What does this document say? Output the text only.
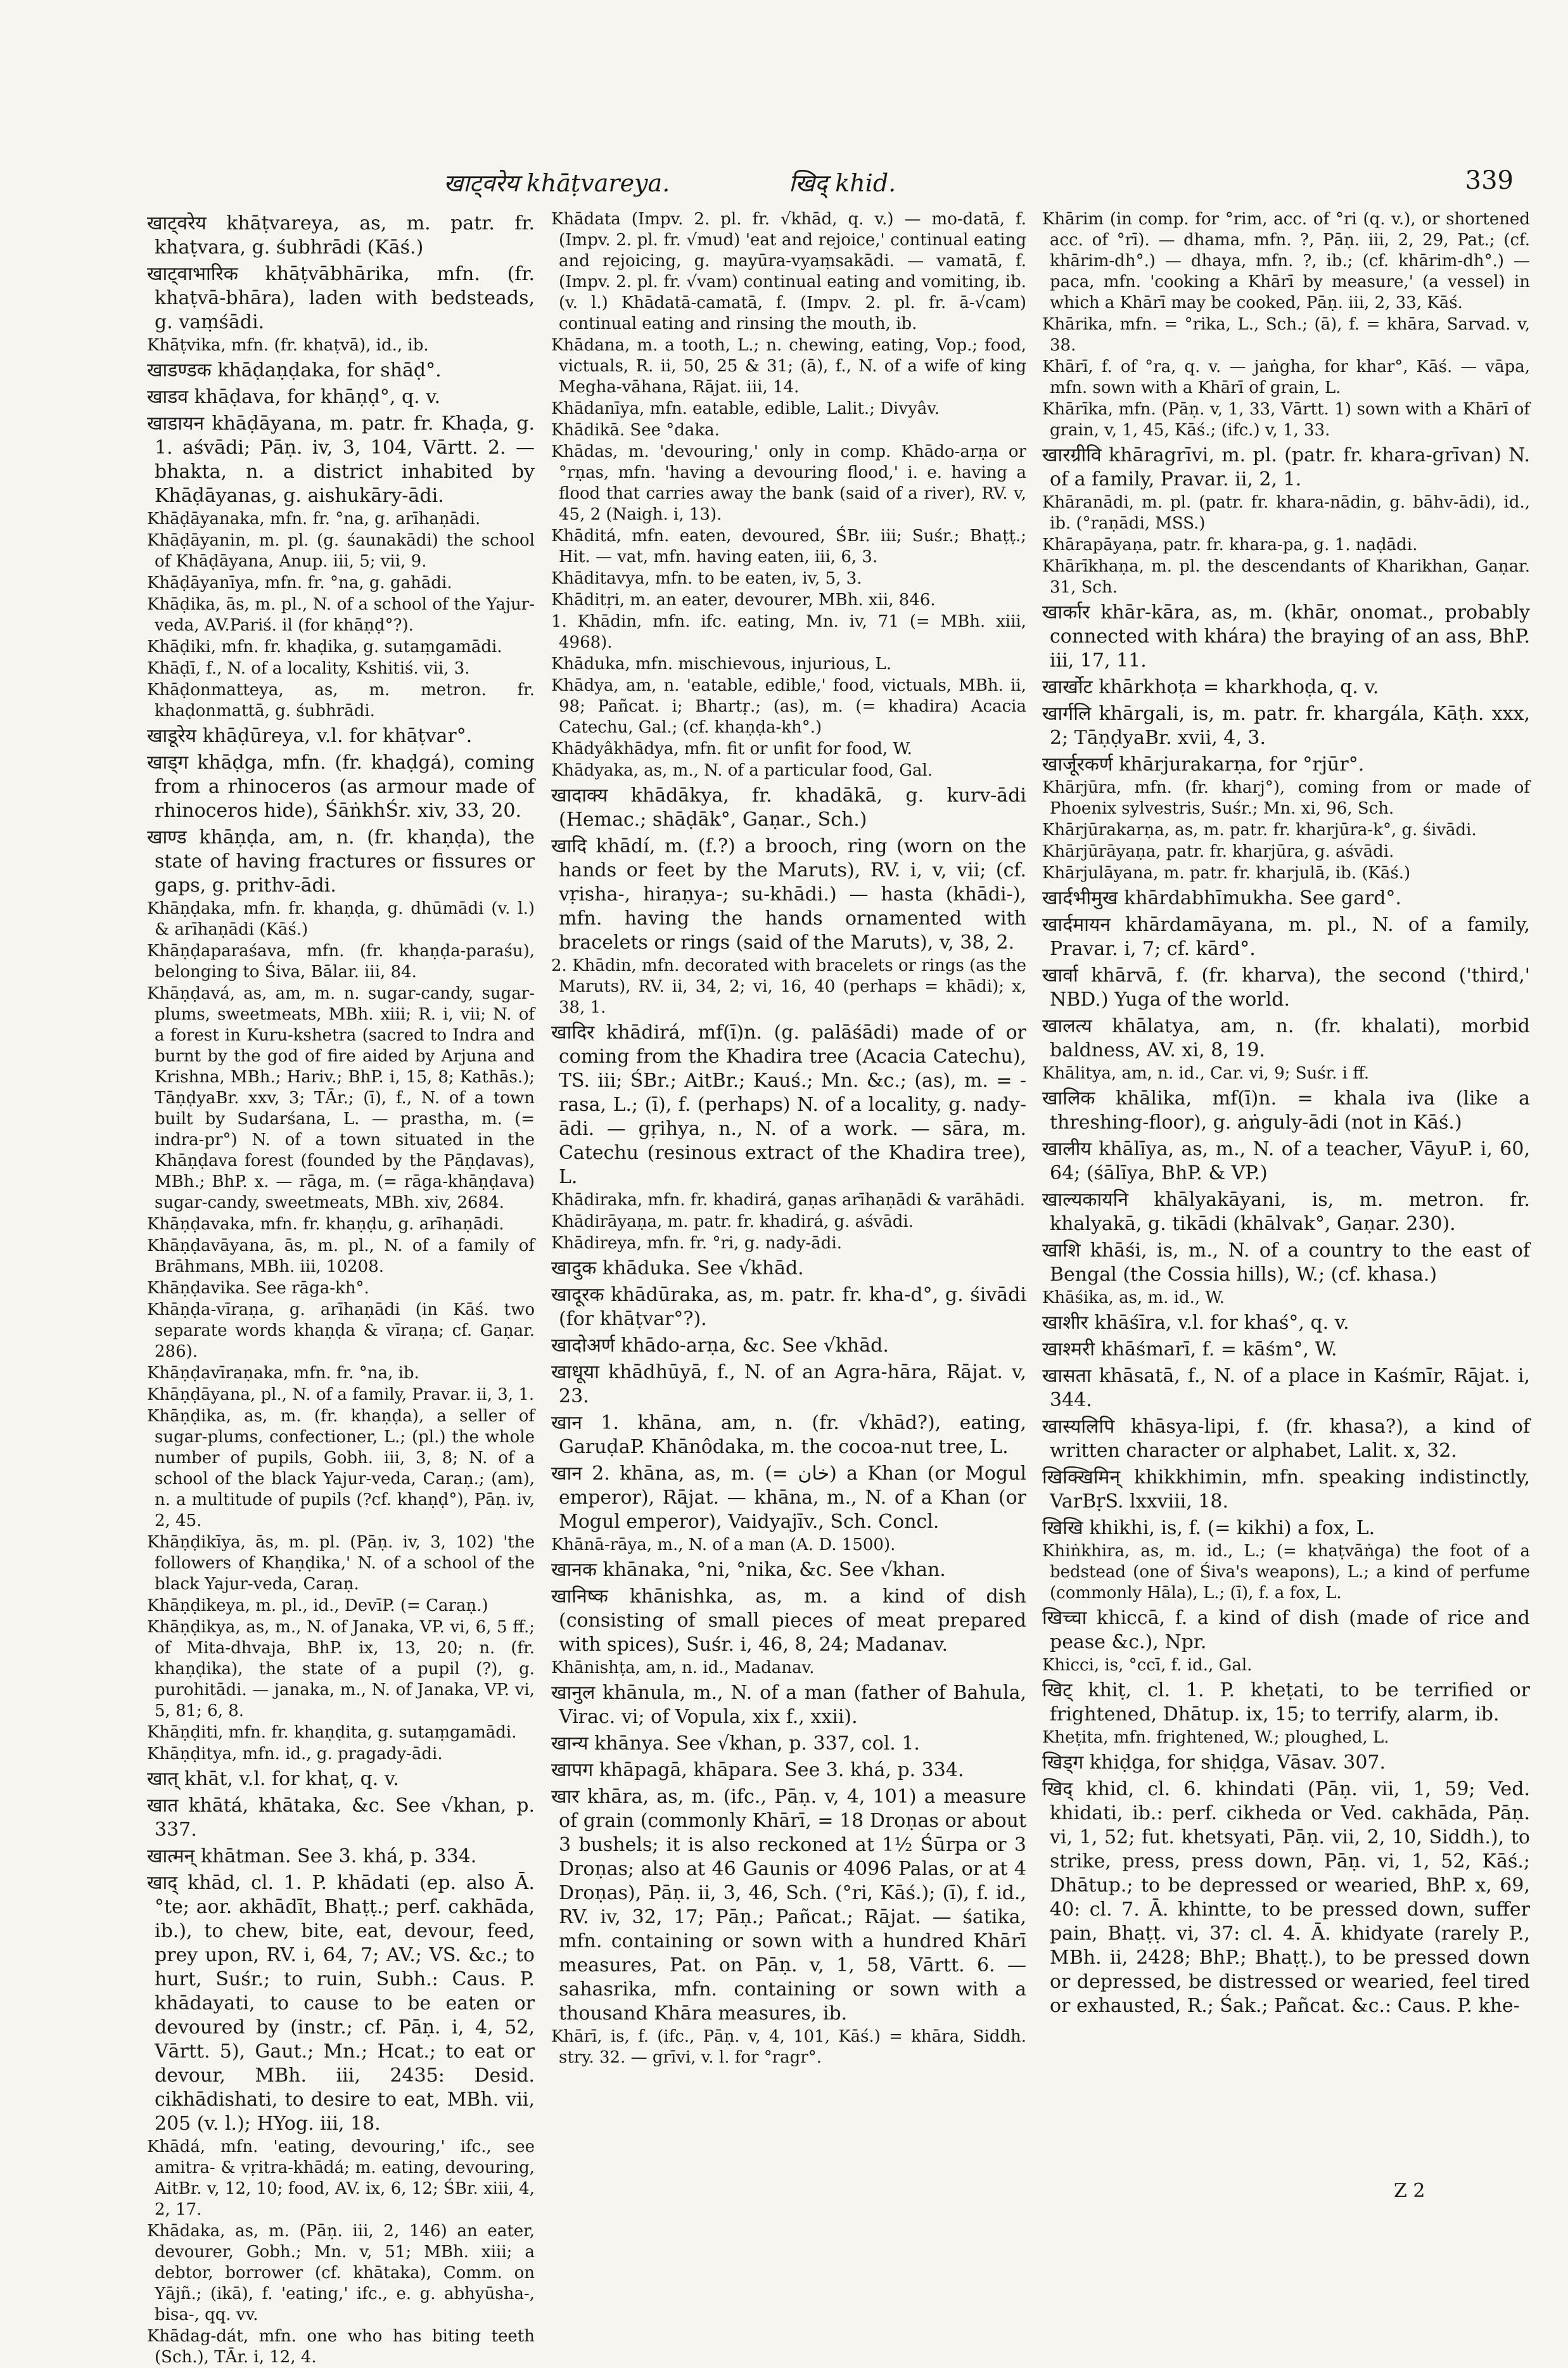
खाट्वरेय khāṭvareya.	खिद् khid.	339

खाट्वरेय khāṭvareya, as, m. patr. fr. khaṭvara, g. śubhrādi (Kāś.)

खाट्वाभारिक khāṭvābhārika, mfn. (fr. khaṭvā-bhāra), laden with bedsteads, g. vaṃśādi.

Khāṭvika, mfn. (fr. khaṭvā), id., ib.

खाडण्डक khāḍaṇḍaka, for shāḍ°.

खाडव khāḍava, for khāṇḍ°, q. v.

खाडायन khāḍāyana, m. patr. fr. Khaḍa, g. 1. aśvādi; Pāṇ. iv, 3, 104, Vārtt. 2. — bhakta, n. a district inhabited by Khāḍāyanas, g. aishukāry-ādi.

Khāḍāyanaka, mfn. fr. °na, g. arīhaṇādi.

Khāḍāyanin, m. pl. (g. śaunakādi) the school of Khāḍāyana, Anup. iii, 5; vii, 9.

Khāḍāyanīya, mfn. fr. °na, g. gahādi.

Khāḍika, ās, m. pl., N. of a school of the Yajur-veda, AV.Pariś. il (for khāṇḍ°?).

Khāḍiki, mfn. fr. khaḍika, g. sutaṃgamādi.

Khāḍī, f., N. of a locality, Kshitiś. vii, 3.

Khāḍonmatteya, as, m. metron. fr. khaḍonmattā, g. śubhrādi.

खाडूरेय khāḍūreya, v.l. for khāṭvar°.

खाड्ग khāḍga, mfn. (fr. khaḍgá), coming from a rhinoceros (as armour made of rhinoceros hide), ŚāṅkhŚr. xiv, 33, 20.

खाण्ड khāṇḍa, am, n. (fr. khaṇḍa), the state of having fractures or fissures or gaps, g. prithv-ādi.

Khāṇḍaka, mfn. fr. khaṇḍa, g. dhūmādi (v. l.) & arīhaṇādi (Kāś.)

Khāṇḍaparaśava, mfn. (fr. khaṇḍa-paraśu), belonging to Śiva, Bālar. iii, 84.

Khāṇḍavá, as, am, m. n. sugar-candy, sugar-plums, sweetmeats, MBh. xiii; R. i, vii; N. of a forest in Kuru-kshetra (sacred to Indra and burnt by the god of fire aided by Arjuna and Krishna, MBh.; Hariv.; BhP. i, 15, 8; Kathās.); TāṇḍyaBr. xxv, 3; TĀr.; (ī), f., N. of a town built by Sudarśana, L. — prastha, m. (= indra-pr°) N. of a town situated in the Khāṇḍava forest (founded by the Pāṇḍavas), MBh.; BhP. x. — rāga, m. (= rāga-khāṇḍava) sugar-candy, sweetmeats, MBh. xiv, 2684.

Khāṇḍavaka, mfn. fr. khaṇḍu, g. arīhaṇādi.

Khāṇḍavāyana, ās, m. pl., N. of a family of Brāhmans, MBh. iii, 10208.

Khāṇḍavika. See rāga-kh°.

Khāṇḍa-vīraṇa, g. arīhaṇādi (in Kāś. two separate words khaṇḍa & vīraṇa; cf. Gaṇar. 286).

Khāṇḍavīraṇaka, mfn. fr. °na, ib.

Khāṇḍāyana, pl., N. of a family, Pravar. ii, 3, 1.

Khāṇḍika, as, m. (fr. khaṇḍa), a seller of sugar-plums, confectioner, L.; (pl.) the whole number of pupils, Gobh. iii, 3, 8; N. of a school of the black Yajur-veda, Caraṇ.; (am), n. a multitude of pupils (?cf. khaṇḍ°), Pāṇ. iv, 2, 45.

Khāṇḍikīya, ās, m. pl. (Pāṇ. iv, 3, 102) 'the followers of Khaṇḍika,' N. of a school of the black Yajur-veda, Caraṇ.

Khāṇḍikeya, m. pl., id., DevīP. (= Caraṇ.)

Khāṇḍikya, as, m., N. of Janaka, VP. vi, 6, 5 ff.; of Mita-dhvaja, BhP. ix, 13, 20; n. (fr. khaṇḍika), the state of a pupil (?), g. purohitādi. — janaka, m., N. of Janaka, VP. vi, 5, 81; 6, 8.

Khāṇḍiti, mfn. fr. khaṇḍita, g. sutaṃgamādi.

Khāṇḍitya, mfn. id., g. pragady-ādi.

खात् khāt, v.l. for khaṭ, q. v.

खात khātá, khātaka, &c. See √khan, p. 337.

खात्मन् khātman. See 3. khá, p. 334.

खाद् khād, cl. 1. P. khādati (ep. also Ā. °te; aor. akhādīt, Bhaṭṭ.; perf. cakhāda, ib.), to chew, bite, eat, devour, feed, prey upon, RV. i, 64, 7; AV.; VS. &c.; to hurt, Suśr.; to ruin, Subh.: Caus. P. khādayati, to cause to be eaten or devoured by (instr.; cf. Pāṇ. i, 4, 52, Vārtt. 5), Gaut.; Mn.; Hcat.; to eat or devour, MBh. iii, 2435: Desid. cikhādishati, to desire to eat, MBh. vii, 205 (v. l.); HYog. iii, 18.

Khādá, mfn. 'eating, devouring,' ifc., see amitra- & vṛitra-khādá; m. eating, devouring, AitBr. v, 12, 10; food, AV. ix, 6, 12; ŚBr. xiii, 4, 2, 17.

Khādaka, as, m. (Pāṇ. iii, 2, 146) an eater, devourer, Gobh.; Mn. v, 51; MBh. xiii; a debtor, borrower (cf. khātaka), Comm. on Yājñ.; (ikā), f. 'eating,' ifc., e. g. abhyūsha-, bisa-, qq. vv.

Khādag-dát, mfn. one who has biting teeth (Sch.), TĀr. i, 12, 4.

Khādata (Impv. 2. pl. fr. √khād, q. v.) — mo-datā, f. (Impv. 2. pl. fr. √mud) 'eat and rejoice,' continual eating and rejoicing, g. mayūra-vyaṃsakādi. — vamatā, f. (Impv. 2. pl. fr. √vam) continual eating and vomiting, ib. (v. l.) Khādatā-camatā, f. (Impv. 2. pl. fr. ā-√cam) continual eating and rinsing the mouth, ib.

Khādana, m. a tooth, L.; n. chewing, eating, Vop.; food, victuals, R. ii, 50, 25 & 31; (ā), f., N. of a wife of king Megha-vāhana, Rājat. iii, 14.

Khādanīya, mfn. eatable, edible, Lalit.; Divyâv.

Khādikā. See °daka.

Khādas, m. 'devouring,' only in comp. Khādo-arṇa or °rṇas, mfn. 'having a devouring flood,' i. e. having a flood that carries away the bank (said of a river), RV. v, 45, 2 (Naigh. i, 13).

Khāditá, mfn. eaten, devoured, ŚBr. iii; Suśr.; Bhaṭṭ.; Hit. — vat, mfn. having eaten, iii, 6, 3.

Khāditavya, mfn. to be eaten, iv, 5, 3.

Khāditṛi, m. an eater, devourer, MBh. xii, 846.

1. Khādin, mfn. ifc. eating, Mn. iv, 71 (= MBh. xiii, 4968).

Khāduka, mfn. mischievous, injurious, L.

Khādya, am, n. 'eatable, edible,' food, victuals, MBh. ii, 98; Pañcat. i; Bhartṛ.; (as), m. (= khadira) Acacia Catechu, Gal.; (cf. khaṇḍa-kh°.)

Khādyâkhādya, mfn. fit or unfit for food, W.

Khādyaka, as, m., N. of a particular food, Gal.

खादाक्य khādākya, fr. khadākā, g. kurv-ādi (Hemac.; shāḍāk°, Gaṇar., Sch.)

खादि khādí, m. (f.?) a brooch, ring (worn on the hands or feet by the Maruts), RV. i, v, vii; (cf. vṛisha-, hiraṇya-; su-khādi.) — hasta (khādi-), mfn. having the hands ornamented with bracelets or rings (said of the Maruts), v, 38, 2.

2. Khādin, mfn. decorated with bracelets or rings (as the Maruts), RV. ii, 34, 2; vi, 16, 40 (perhaps = khādi); x, 38, 1.

खादिर khādirá, mf(ī)n. (g. palāśādi) made of or coming from the Khadira tree (Acacia Catechu), TS. iii; ŚBr.; AitBr.; Kauś.; Mn. &c.; (as), m. = -rasa, L.; (ī), f. (perhaps) N. of a locality, g. nady-ādi. — gṛihya, n., N. of a work. — sāra, m. Catechu (resinous extract of the Khadira tree), L.

Khādiraka, mfn. fr. khadirá, gaṇas arīhaṇādi & varāhādi.

Khādirāyaṇa, m. patr. fr. khadirá, g. aśvādi.

Khādireya, mfn. fr. °ri, g. nady-ādi.

खादुक khāduka. See √khād.

खादूरक khādūraka, as, m. patr. fr. kha-d°, g. śivādi (for khāṭvar°?).

खादोअर्ण khādo-arṇa, &c. See √khād.

खाधूया khādhūyā, f., N. of an Agra-hāra, Rājat. v, 23.

खान 1. khāna, am, n. (fr. √khād?), eating, GaruḍaP. Khānôdaka, m. the cocoa-nut tree, L.

खान 2. khāna, as, m. (= خان) a Khan (or Mogul emperor), Rājat. — khāna, m., N. of a Khan (or Mogul emperor), Vaidyajīv., Sch. Concl.

Khānā-rāya, m., N. of a man (A. D. 1500).

खानक khānaka, °ni, °nika, &c. See √khan.

खानिष्क khānishka, as, m. a kind of dish (consisting of small pieces of meat prepared with spices), Suśr. i, 46, 8, 24; Madanav.

Khānishṭa, am, n. id., Madanav.

खानुल khānula, m., N. of a man (father of Bahula, Virac. vi; of Vopula, xix f., xxii).

खान्य khānya. See √khan, p. 337, col. 1.

खापग khāpagā, khāpara. See 3. khá, p. 334.

खार khāra, as, m. (ifc., Pāṇ. v, 4, 101) a measure of grain (commonly Khārī, = 18 Droṇas or about 3 bushels; it is also reckoned at 1½ Śūrpa or 3 Droṇas; also at 46 Gaunis or 4096 Palas, or at 4 Droṇas), Pāṇ. ii, 3, 46, Sch. (°ri, Kāś.); (ī), f. id., RV. iv, 32, 17; Pāṇ.; Pañcat.; Rājat. — śatika, mfn. containing or sown with a hundred Khārī measures, Pat. on Pāṇ. v, 1, 58, Vārtt. 6. — sahasrika, mfn. containing or sown with a thousand Khāra measures, ib.

Khārī, is, f. (ifc., Pāṇ. v, 4, 101, Kāś.) = khāra, Siddh. stry. 32. — grīvi, v. l. for °ragr°.

Khārim (in comp. for °rim, acc. of °ri (q. v.), or shortened acc. of °rī). — dhama, mfn. ?, Pāṇ. iii, 2, 29, Pat.; (cf. khārim-dh°.) — dhaya, mfn. ?, ib.; (cf. khārim-dh°.) — paca, mfn. 'cooking a Khārī by measure,' (a vessel) in which a Khārī may be cooked, Pāṇ. iii, 2, 33, Kāś.

Khārika, mfn. = °rika, L., Sch.; (ā), f. = khāra, Sarvad. v, 38.

Khārī, f. of °ra, q. v. — jaṅgha, for khar°, Kāś. — vāpa, mfn. sown with a Khārī of grain, L.

Khārīka, mfn. (Pāṇ. v, 1, 33, Vārtt. 1) sown with a Khārī of grain, v, 1, 45, Kāś.; (ifc.) v, 1, 33.

खारग्रीवि khāragrīvi, m. pl. (patr. fr. khara-grīvan) N. of a family, Pravar. ii, 2, 1.

Khāranādi, m. pl. (patr. fr. khara-nādin, g. bāhv-ādi), id., ib. (°raṇādi, MSS.)

Khārapāyaṇa, patr. fr. khara-pa, g. 1. naḍādi.

Khārīkhaṇa, m. pl. the descendants of Kharikhan, Gaṇar. 31, Sch.

खार्कार khār-kāra, as, m. (khār, onomat., probably connected with khára) the braying of an ass, BhP. iii, 17, 11.

खार्खोट khārkhoṭa = kharkhoḍa, q. v.

खार्गलि khārgali, is, m. patr. fr. khargála, Kāṭh. xxx, 2; TāṇḍyaBr. xvii, 4, 3.

खार्जूरकर्ण khārjurakarṇa, for °rjūr°.

Khārjūra, mfn. (fr. kharj°), coming from or made of Phoenix sylvestris, Suśr.; Mn. xi, 96, Sch.

Khārjūrakarṇa, as, m. patr. fr. kharjūra-k°, g. śivādi.

Khārjūrāyaṇa, patr. fr. kharjūra, g. aśvādi.

Khārjulāyana, m. patr. fr. kharjulā, ib. (Kāś.)

खार्दभीमुख khārdabhīmukha. See gard°.

खार्दमायन khārdamāyana, m. pl., N. of a family, Pravar. i, 7; cf. kārd°.

खार्वा khārvā, f. (fr. kharva), the second ('third,' NBD.) Yuga of the world.

खालत्य khālatya, am, n. (fr. khalati), morbid baldness, AV. xi, 8, 19.

Khālitya, am, n. id., Car. vi, 9; Suśr. i ff.

खालिक khālika, mf(ī)n. = khala iva (like a threshing-floor), g. aṅguly-ādi (not in Kāś.)

खालीय khālīya, as, m., N. of a teacher, VāyuP. i, 60, 64; (śālīya, BhP. & VP.)

खाल्यकायनि khālyakāyani, is, m. metron. fr. khalyakā, g. tikādi (khālvak°, Gaṇar. 230).

खाशि khāśi, is, m., N. of a country to the east of Bengal (the Cossia hills), W.; (cf. khasa.)

Khāśika, as, m. id., W.

खाशीर khāśīra, v.l. for khaś°, q. v.

खाश्मरी khāśmarī, f. = kāśm°, W.

खासता khāsatā, f., N. of a place in Kaśmīr, Rājat. i, 344.

खास्यलिपि khāsya-lipi, f. (fr. khasa?), a kind of written character or alphabet, Lalit. x, 32.

खिक्खिमिन् khikkhimin, mfn. speaking indistinctly, VarBṛS. lxxviii, 18.

खिखि khikhi, is, f. (= kikhi) a fox, L.

Khiṅkhira, as, m. id., L.; (= khaṭvāṅga) the foot of a bedstead (one of Śiva's weapons), L.; a kind of perfume (commonly Hāla), L.; (ī), f. a fox, L.

खिच्चा khiccā, f. a kind of dish (made of rice and pease &c.), Npr.

Khicci, is, °ccī, f. id., Gal.

खिट् khiṭ, cl. 1. P. kheṭati, to be terrified or frightened, Dhātup. ix, 15; to terrify, alarm, ib.

Kheṭita, mfn. frightened, W.; ploughed, L.

खिड्ग khiḍga, for shiḍga, Vāsav. 307.

खिद् khid, cl. 6. khindati (Pāṇ. vii, 1, 59; Ved. khidati, ib.: perf. cikheda or Ved. cakhāda, Pāṇ. vi, 1, 52; fut. khetsyati, Pāṇ. vii, 2, 10, Siddh.), to strike, press, press down, Pāṇ. vi, 1, 52, Kāś.; Dhātup.; to be depressed or wearied, BhP. x, 69, 40: cl. 7. Ā. khintte, to be pressed down, suffer pain, Bhaṭṭ. vi, 37: cl. 4. Ā. khidyate (rarely P., MBh. ii, 2428; BhP.; Bhaṭṭ.), to be pressed down or depressed, be distressed or wearied, feel tired or exhausted, R.; Śak.; Pañcat. &c.: Caus. P. khe-

Z 2
